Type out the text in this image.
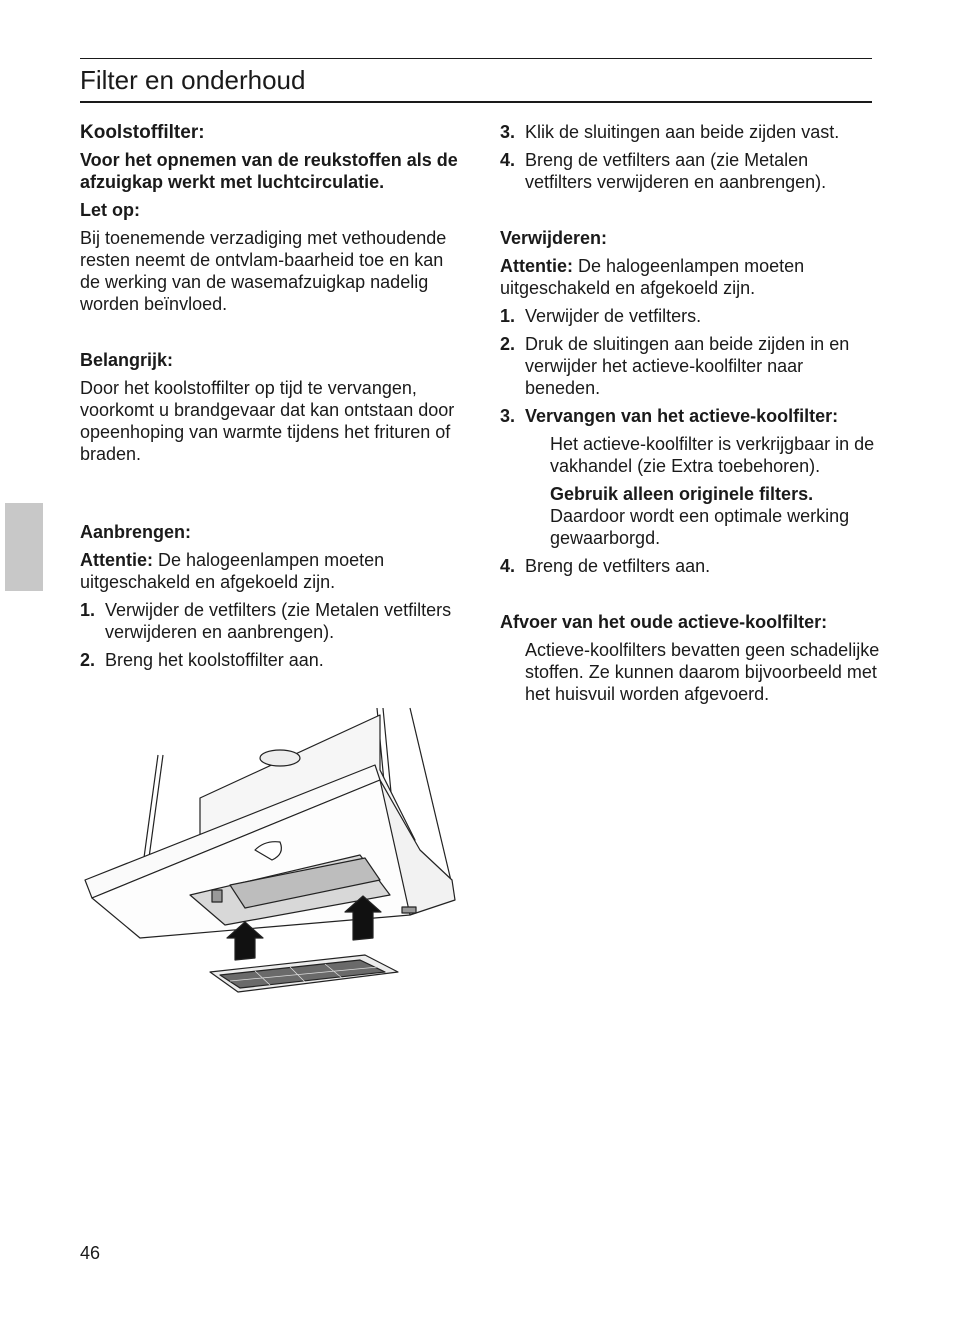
Filter en onderhoud
Koolstoffilter:

Voor het opnemen van de reukstoffen als de afzuigkap werkt met luchtcirculatie.

Let op:

Bij toenemende verzadiging met vethoudende resten neemt de ontvlam-baarheid toe en kan de werking van de wasemafzuigkap nadelig worden beïnvloed.

Belangrijk:

Door het koolstoffilter op tijd te vervangen, voorkomt u brandgevaar dat kan ontstaan door opeenhoping van warmte tijdens het frituren of braden.

Aanbrengen:

Attentie: De halogeenlampen moeten uitgeschakeld en afgekoeld zijn.

1. Verwijder de vetfilters (zie Metalen vetfilters verwijderen en aanbrengen).
2. Breng het koolstoffilter aan.
3. Klik de sluitingen aan beide zijden vast.
4. Breng de vetfilters aan (zie Metalen vetfilters verwijderen en aanbrengen).

Verwijderen:

Attentie: De halogeenlampen moeten uitgeschakeld en afgekoeld zijn.

1. Verwijder de vetfilters.
2. Druk de sluitingen aan beide zijden in en verwijder het actieve-koolfilter naar beneden.
3. Vervangen van het actieve-koolfilter:

Het actieve-koolfilter is verkrijgbaar in de vakhandel (zie Extra toebehoren).

Gebruik alleen originele filters. Daardoor wordt een optimale werking gewaarborgd.

4. Breng de vetfilters aan.

Afvoer van het oude actieve-koolfilter:

Actieve-koolfilters bevatten geen schadelijke stoffen. Ze kunnen daarom bijvoorbeeld met het huisvuil worden afgevoerd.

46
